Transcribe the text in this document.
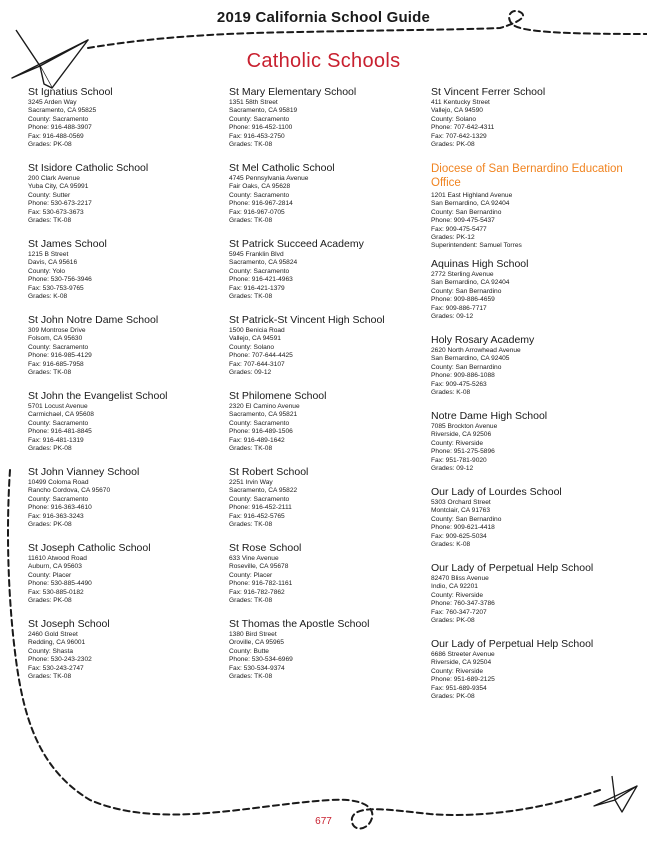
2019 California School Guide
Catholic Schools
St Ignatius School
3245 Arden Way
Sacramento, CA 95825
County: Sacramento
Phone: 916-488-3907
Fax: 916-488-0569
Grades: PK-08
St Isidore Catholic School
200 Clark Avenue
Yuba City, CA 95991
County: Sutter
Phone: 530-673-2217
Fax: 530-673-3673
Grades: TK-08
St James School
1215 B Street
Davis, CA 95616
County: Yolo
Phone: 530-756-3946
Fax: 530-753-9765
Grades: K-08
St John Notre Dame School
309 Montrose Drive
Folsom, CA 95630
County: Sacramento
Phone: 916-985-4129
Fax: 916-685-7958
Grades: TK-08
St John the Evangelist School
5701 Locust Avenue
Carmichael, CA 95608
County: Sacramento
Phone: 916-481-8845
Fax: 916-481-1319
Grades: PK-08
St John Vianney School
10499 Coloma Road
Rancho Cordova, CA 95670
County: Sacramento
Phone: 916-363-4610
Fax: 916-363-3243
Grades: PK-08
St Joseph Catholic School
11610 Atwood Road
Auburn, CA 95603
County: Placer
Phone: 530-885-4490
Fax: 530-885-0182
Grades: PK-08
St Joseph School
2460 Gold Street
Redding, CA 96001
County: Shasta
Phone: 530-243-2302
Fax: 530-243-2747
Grades: TK-08
St Mary Elementary School
1351 58th Street
Sacramento, CA 95819
County: Sacramento
Phone: 916-452-1100
Fax: 916-453-2750
Grades: TK-08
St Mel Catholic School
4745 Pennsylvania Avenue
Fair Oaks, CA 95628
County: Sacramento
Phone: 916-967-2814
Fax: 916-967-0705
Grades: TK-08
St Patrick Succeed Academy
5945 Franklin Blvd
Sacramento, CA 95824
County: Sacramento
Phone: 916-421-4963
Fax: 916-421-1379
Grades: TK-08
St Patrick-St Vincent High School
1500 Benicia Road
Vallejo, CA 94591
County: Solano
Phone: 707-644-4425
Fax: 707-644-3107
Grades: 09-12
St Philomene School
2320 El Camino Avenue
Sacramento, CA 95821
County: Sacramento
Phone: 916-489-1506
Fax: 916-489-1642
Grades: TK-08
St Robert School
2251 Irvin Way
Sacramento, CA 95822
County: Sacramento
Phone: 916-452-2111
Fax: 916-452-5765
Grades: TK-08
St Rose School
633 Vine Avenue
Roseville, CA 95678
County: Placer
Phone: 916-782-1161
Fax: 916-782-7862
Grades: TK-08
St Thomas the Apostle School
1380 Bird Street
Oroville, CA 95965
County: Butte
Phone: 530-534-6969
Fax: 530-534-9374
Grades: TK-08
St Vincent Ferrer School
411 Kentucky Street
Vallejo, CA 94590
County: Solano
Phone: 707-642-4311
Fax: 707-642-1329
Grades: PK-08
Diocese of San Bernardino Education Office
1201 East Highland Avenue
San Bernardino, CA 92404
County: San Bernardino
Phone: 909-475-5437
Fax: 909-475-5477
Grades: PK-12
Superintendent: Samuel Torres
Aquinas High School
2772 Sterling Avenue
San Bernardino, CA 92404
County: San Bernardino
Phone: 909-886-4659
Fax: 909-886-7717
Grades: 09-12
Holy Rosary Academy
2620 North Arrowhead Avenue
San Bernardino, CA 92405
County: San Bernardino
Phone: 909-886-1088
Fax: 909-475-5263
Grades: K-08
Notre Dame High School
7085 Brockton Avenue
Riverside, CA 92506
County: Riverside
Phone: 951-275-5896
Fax: 951-781-9020
Grades: 09-12
Our Lady of Lourdes School
5303 Orchard Street
Montclair, CA 91763
County: San Bernardino
Phone: 909-621-4418
Fax: 909-625-5034
Grades: K-08
Our Lady of Perpetual Help School
82470 Bliss Avenue
Indio, CA 92201
County: Riverside
Phone: 760-347-3786
Fax: 760-347-7207
Grades: PK-08
Our Lady of Perpetual Help School
6686 Streeter Avenue
Riverside, CA 92504
County: Riverside
Phone: 951-689-2125
Fax: 951-689-9354
Grades: PK-08
677
